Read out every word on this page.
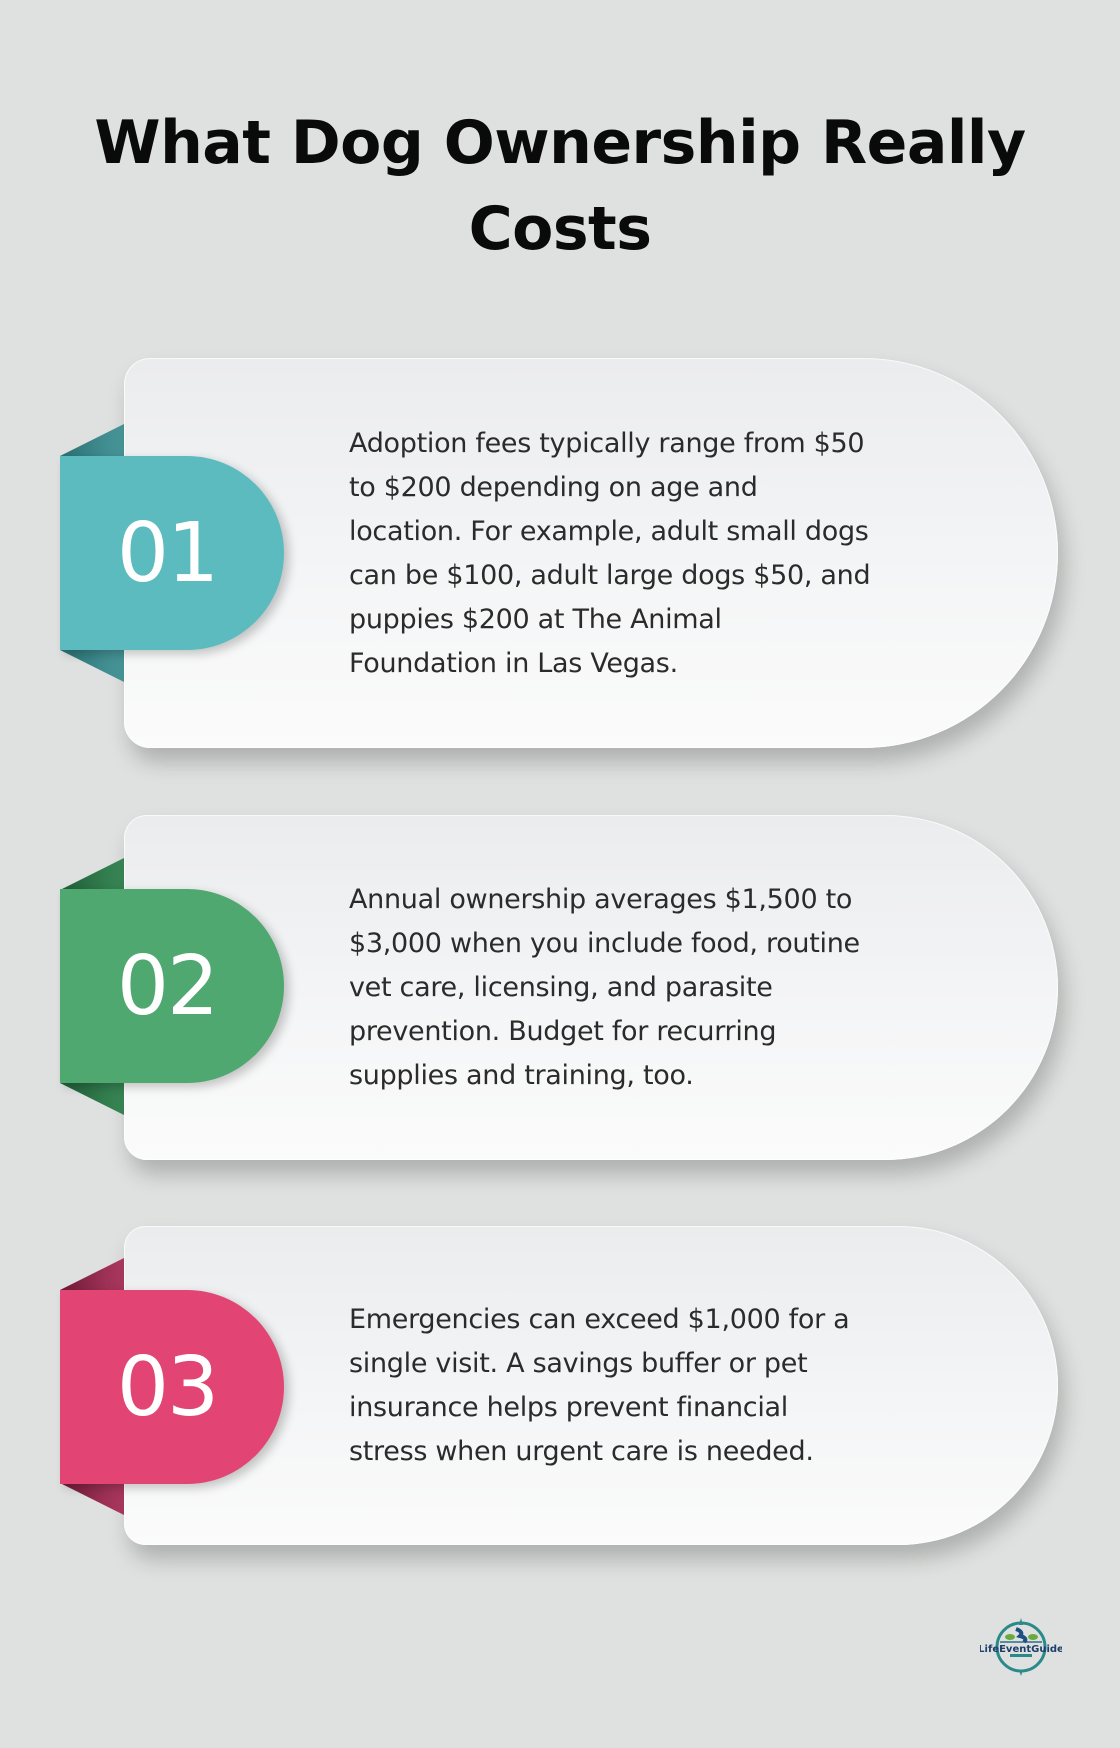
What Dog Ownership Really
Costs
01
Adoption fees typically range from $50
to $200 depending on age and
location. For example, adult small dogs
can be $100, adult large dogs $50, and
puppies $200 at The Animal
Foundation in Las Vegas.
02
Annual ownership averages $1,500 to
$3,000 when you include food, routine
vet care, licensing, and parasite
prevention. Budget for recurring
supplies and training, too.
03
Emergencies can exceed $1,000 for a
single visit. A savings buffer or pet
insurance helps prevent financial
stress when urgent care is needed.
LifeEventGuide
